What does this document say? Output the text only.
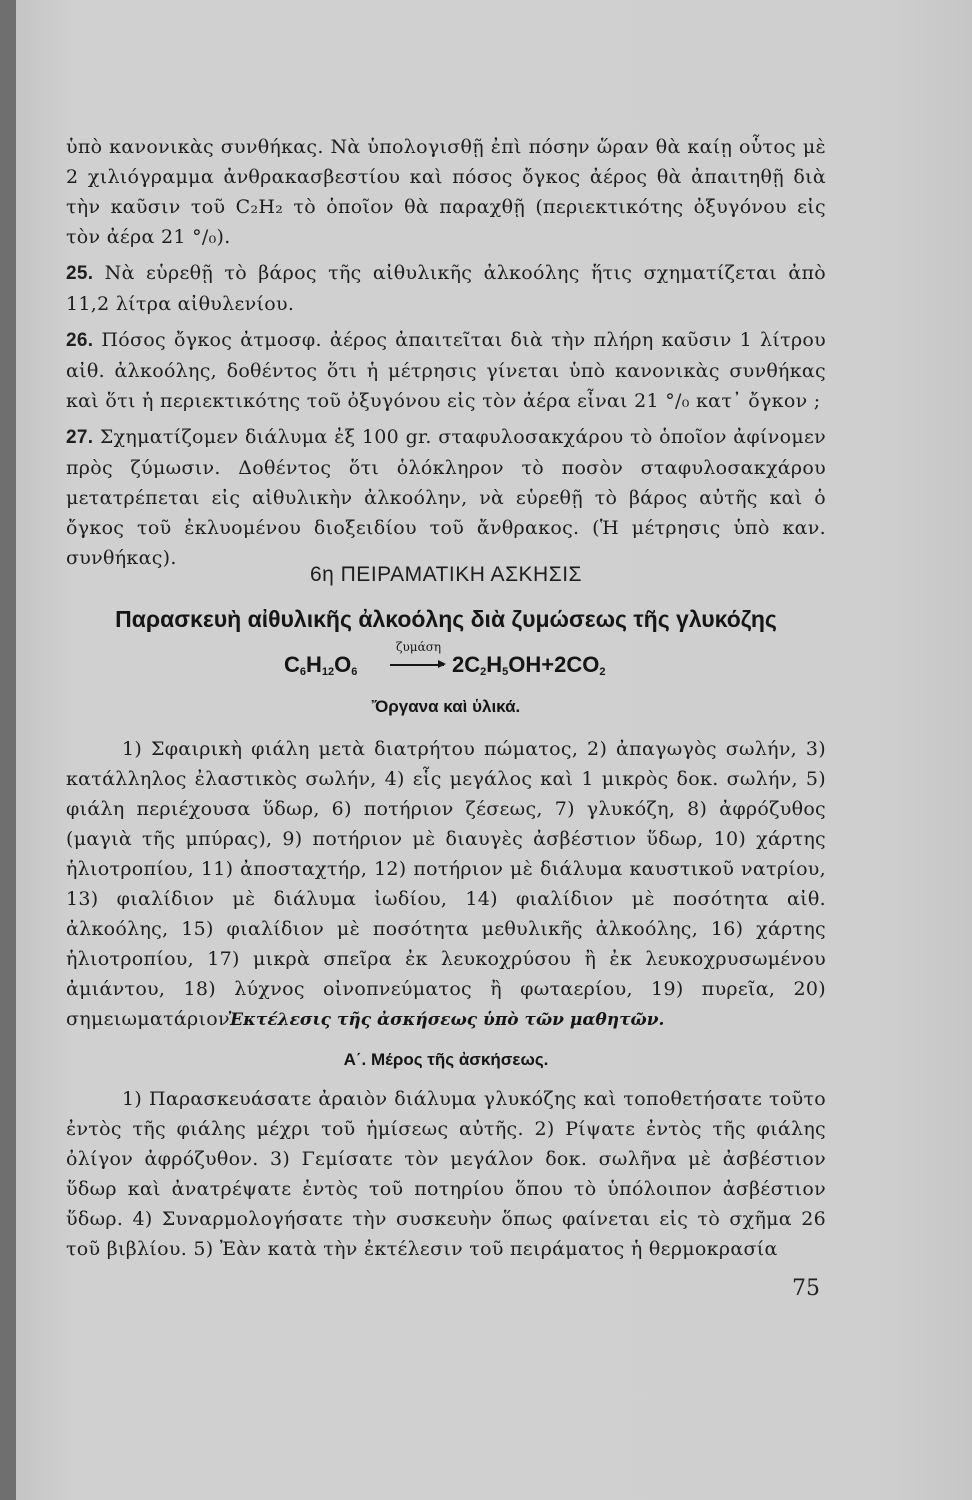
ὑπὸ κανονικὰς συνθήκας. Νὰ ὑπολογισθῇ ἐπὶ πόσην ὥραν θὰ καίῃ οὗτος μὲ 2 χιλιόγραμμα ἀνθρακασβεστίου καὶ πόσος ὄγκος ἀέρος θὰ ἀπαιτηθῇ διὰ τὴν καῦσιν τοῦ C₂H₂ τὸ ὁποῖον θὰ παραχθῇ (περιεκτικότης ὀξυγόνου εἰς τὸν ἀέρα 21 °/₀).

25. Νὰ εὑρεθῇ τὸ βάρος τῆς αἰθυλικῆς ἀλκοόλης ἥτις σχηματίζεται ἀπὸ 11,2 λίτρα αἰθυλενίου.

26. Πόσος ὄγκος ἀτμοσφ. ἀέρος ἀπαιτεῖται διὰ τὴν πλήρη καῦσιν 1 λίτρου αἰθ. ἀλκοόλης, δοθέντος ὅτι ἡ μέτρησις γίνεται ὑπὸ κανονικὰς συνθήκας καὶ ὅτι ἡ περιεκτικότης τοῦ ὀξυγόνου εἰς τὸν ἀέρα εἶναι 21 °/₀ κατ᾽ ὄγκον ;

27. Σχηματίζομεν διάλυμα ἐξ 100 gr. σταφυλοσακχάρου τὸ ὁποῖον ἀφίνομεν πρὸς ζύμωσιν. Δοθέντος ὅτι ὁλόκληρον τὸ ποσὸν σταφυλοσακχάρου μετατρέπεται εἰς αἰθυλικὴν ἀλκοόλην, νὰ εὑρεθῇ τὸ βάρος αὐτῆς καὶ ὁ ὄγκος τοῦ ἐκλυομένου διοξειδίου τοῦ ἄνθρακος. (Ἡ μέτρησις ὑπὸ καν. συνθήκας).

6η ΠΕΙΡΑΜΑΤΙΚΗ ΑΣΚΗΣΙΣ
Παρασκευὴ αἰθυλικῆς ἀλκοόλης διὰ ζυμώσεως τῆς γλυκόζης
$C_6H_{12}O_6$
ζυμάση
→ $2C_2H_5OH+2CO_2$
Ὄργανα καὶ ὑλικά.

1) Σφαιρικὴ φιάλη μετὰ διατρήτου πώματος, 2) ἀπαγωγὸς σωλήν, 3) κατάλληλος ἐλαστικὸς σωλήν, 4) εἷς μεγάλος καὶ 1 μικρὸς δοκ. σωλήν, 5) φιάλη περιέχουσα ὕδωρ, 6) ποτήριον ζέσεως, 7) γλυκόζη, 8) ἀφρόζυθος (μαγιὰ τῆς μπύρας), 9) ποτήριον μὲ διαυγὲς ἀσβέστιον ὕδωρ, 10) χάρτης ἡλιοτροπίου, 11) ἀποσταχτήρ, 12) ποτήριον μὲ διάλυμα καυστικοῦ νατρίου, 13) φιαλίδιον μὲ διάλυμα ἰωδίου, 14) φιαλίδιον μὲ ποσότητα αἰθ. ἀλκοόλης, 15) φιαλίδιον μὲ ποσότητα μεθυλικῆς ἀλκοόλης, 16) χάρτης ἡλιοτροπίου, 17) μικρὰ σπεῖρα ἐκ λευκοχρύσου ἢ ἐκ λευκοχρυσωμένου ἀμιάντου, 18) λύχνος οἰνοπνεύματος ἢ φωταερίου, 19) πυρεῖα, 20) σημειωματάριον.

Ἐκτέλεσις τῆς ἀσκήσεως ὑπὸ τῶν μαθητῶν.
Α΄. Μέρος τῆς ἀσκήσεως.

1) Παρασκευάσατε ἀραιὸν διάλυμα γλυκόζης καὶ τοποθετήσατε τοῦτο ἐντὸς τῆς φιάλης μέχρι τοῦ ἡμίσεως αὐτῆς. 2) Ρίψατε ἐντὸς τῆς φιάλης ὀλίγον ἀφρόζυθον. 3) Γεμίσατε τὸν μεγάλον δοκ. σωλῆνα μὲ ἀσβέστιον ὕδωρ καὶ ἀνατρέψατε ἐντὸς τοῦ ποτηρίου ὅπου τὸ ὑπόλοιπον ἀσβέστιον ὕδωρ. 4) Συναρμολογήσατε τὴν συσκευὴν ὅπως φαίνεται εἰς τὸ σχῆμα 26 τοῦ βιβλίου. 5) Ἐὰν κατὰ τὴν ἐκτέλεσιν τοῦ πειράματος ἡ θερμοκρασία

75
